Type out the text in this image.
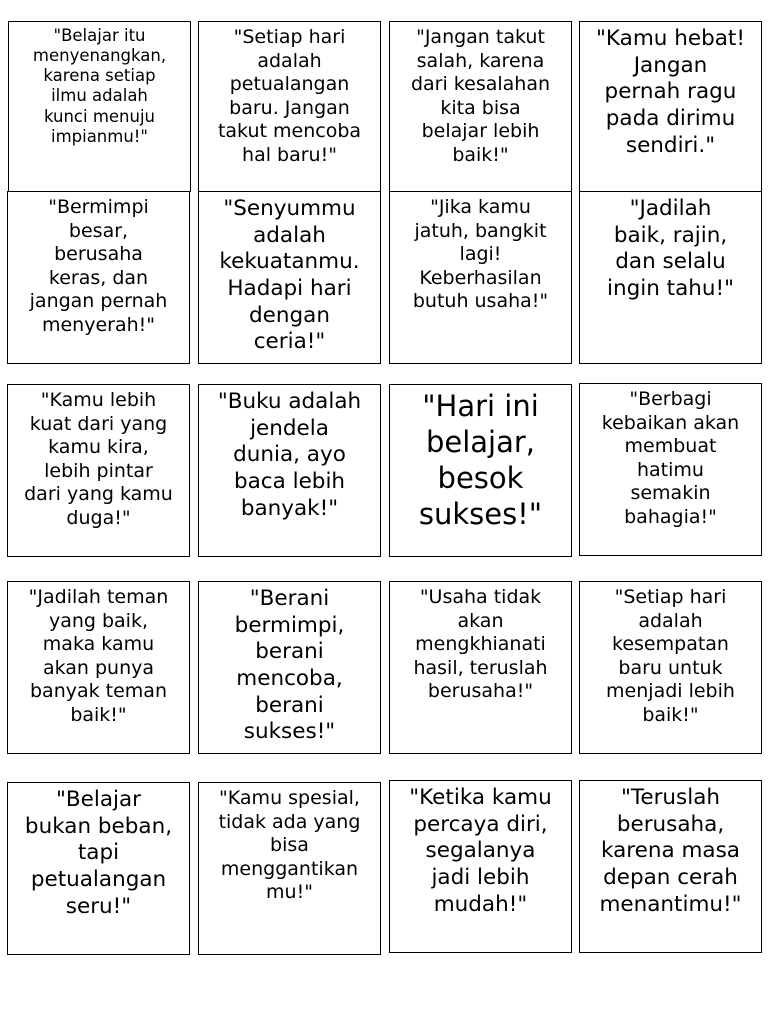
"Belajar itu
menyenangkan,
karena setiap
ilmu adalah
kunci menuju
impianmu!"
"Setiap hari
adalah
petualangan
baru. Jangan
takut mencoba
hal baru!"
"Jangan takut
salah, karena
dari kesalahan
kita bisa
belajar lebih
baik!"
"Kamu hebat!
Jangan
pernah ragu
pada dirimu
sendiri."
"Bermimpi
besar,
berusaha
keras, dan
jangan pernah
menyerah!"
"Senyummu
adalah
kekuatanmu.
Hadapi hari
dengan
ceria!"
"Jika kamu
jatuh, bangkit
lagi!
Keberhasilan
butuh usaha!"
"Jadilah
baik, rajin,
dan selalu
ingin tahu!"
"Kamu lebih
kuat dari yang
kamu kira,
lebih pintar
dari yang kamu
duga!"
"Buku adalah
jendela
dunia, ayo
baca lebih
banyak!"
"Hari ini
belajar,
besok
sukses!"
"Berbagi
kebaikan akan
membuat
hatimu
semakin
bahagia!"
"Jadilah teman
yang baik,
maka kamu
akan punya
banyak teman
baik!"
"Berani
bermimpi,
berani
mencoba,
berani
sukses!"
"Usaha tidak
akan
mengkhianati
hasil, teruslah
berusaha!"
"Setiap hari
adalah
kesempatan
baru untuk
menjadi lebih
baik!"
"Belajar
bukan beban,
tapi
petualangan
seru!"
"Kamu spesial,
tidak ada yang
bisa
menggantikan
mu!"
"Ketika kamu
percaya diri,
segalanya
jadi lebih
mudah!"
"Teruslah
berusaha,
karena masa
depan cerah
menantimu!"
